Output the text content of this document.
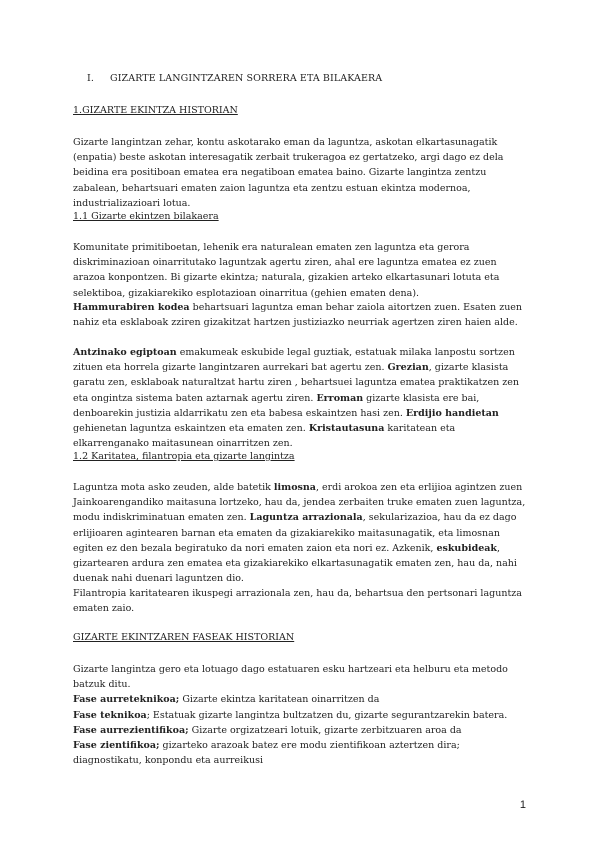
I. GIZARTE LANGINTZAREN SORRERA ETA BILAKAERA
1.GIZARTE EKINTZA HISTORIAN
Gizarte langintzan zehar, kontu askotarako eman da laguntza, askotan elkartasunagatik (enpatia) beste askotan interesagatik zerbait trukeragoa ez gertatzeko, argi dago ez dela beidina era positiboan ematea era negatiboan ematea baino. Gizarte langintza zentzu zabalean, behartsuari ematen zaion laguntza eta zentzu estuan ekintza modernoa, industrializazioari lotua.
1.1 Gizarte ekintzen bilakaera
Komunitate primitiboetan, lehenik era naturalean ematen zen laguntza eta gerora diskriminazioan oinarritutako laguntzak agertu ziren, ahal ere laguntza ematea ez zuen arazoa konpontzen. Bi gizarte ekintza; naturala, gizakien arteko elkartasunari lotuta eta selektiboa, gizakiarekiko esplotazioan oinarritua (gehien ematen dena).
Hammurabiren kodea behartsuari laguntza eman behar zaiola aitortzen zuen. Esaten zuen nahiz eta esklaboak zziren gizakitzat hartzen justiziazko neurriak agertzen ziren haien alde.
Antzinako egiptoan emakumeak eskubide legal guztiak, estatuak milaka lanpostu sortzen zituen eta horrela gizarte langintzaren aurrekari bat agertu zen. Grezian, gizarte klasista garatu zen, esklaboak naturaltzat hartu ziren , behartsuei laguntza ematea praktikatzen zen eta ongintza sistema baten aztarnak agertu ziren. Erroman gizarte klasista ere bai, denboarekin justizia aldarrikatu zen eta babesa eskaintzen hasi zen. Erdijio handietan gehienetan laguntza eskaintzen eta ematen zen. Kristautasuna karitatean eta elkarrenganako maitasunean oinarritzen zen.
1.2 Karitatea, filantropia eta gizarte langintza
Laguntza mota asko zeuden, alde batetik limosna, erdi arokoa zen eta erlijioa agintzen zuen Jainkoarengandiko maitasuna lortzeko, hau da, jendea zerbaiten truke ematen zuen laguntza, modu indiskriminatuan ematen zen. Laguntza arrazionala, sekularizazioa, hau da ez dago erlijioaren agintearen barnan eta ematen da gizakiarekiko maitasunagatik, eta limosnan egiten ez den bezala begiratuko da nori ematen zaion eta nori ez. Azkenik, eskubideak, gizartearen ardura zen ematea eta gizakiarekiko elkartasunagatik ematen zen, hau da, nahi duenak nahi duenari laguntzen dio.
Filantropia karitatearen ikuspegi arrazionala zen, hau da, behartsua den pertsonari laguntza ematen zaio.
GIZARTE EKINTZAREN FASEAK HISTORIAN
Gizarte langintza gero eta lotuago dago estatuaren esku hartzeari eta helburu eta metodo batzuk ditu.
Fase aurreteknikoa; Gizarte ekintza karitatean oinarritzen da
Fase teknikoa; Estatuak gizarte langintza bultzatzen du, gizarte segurantzarekin batera.
Fase aurrezientifikoa; Gizarte orgizatzeari lotuik, gizarte zerbitzuaren aroa da
Fase zientifikoa; gizarteko arazoak batez ere modu zientifikoan aztertzen dira; diagnostikatu, konpondu eta aurreikusi
1
